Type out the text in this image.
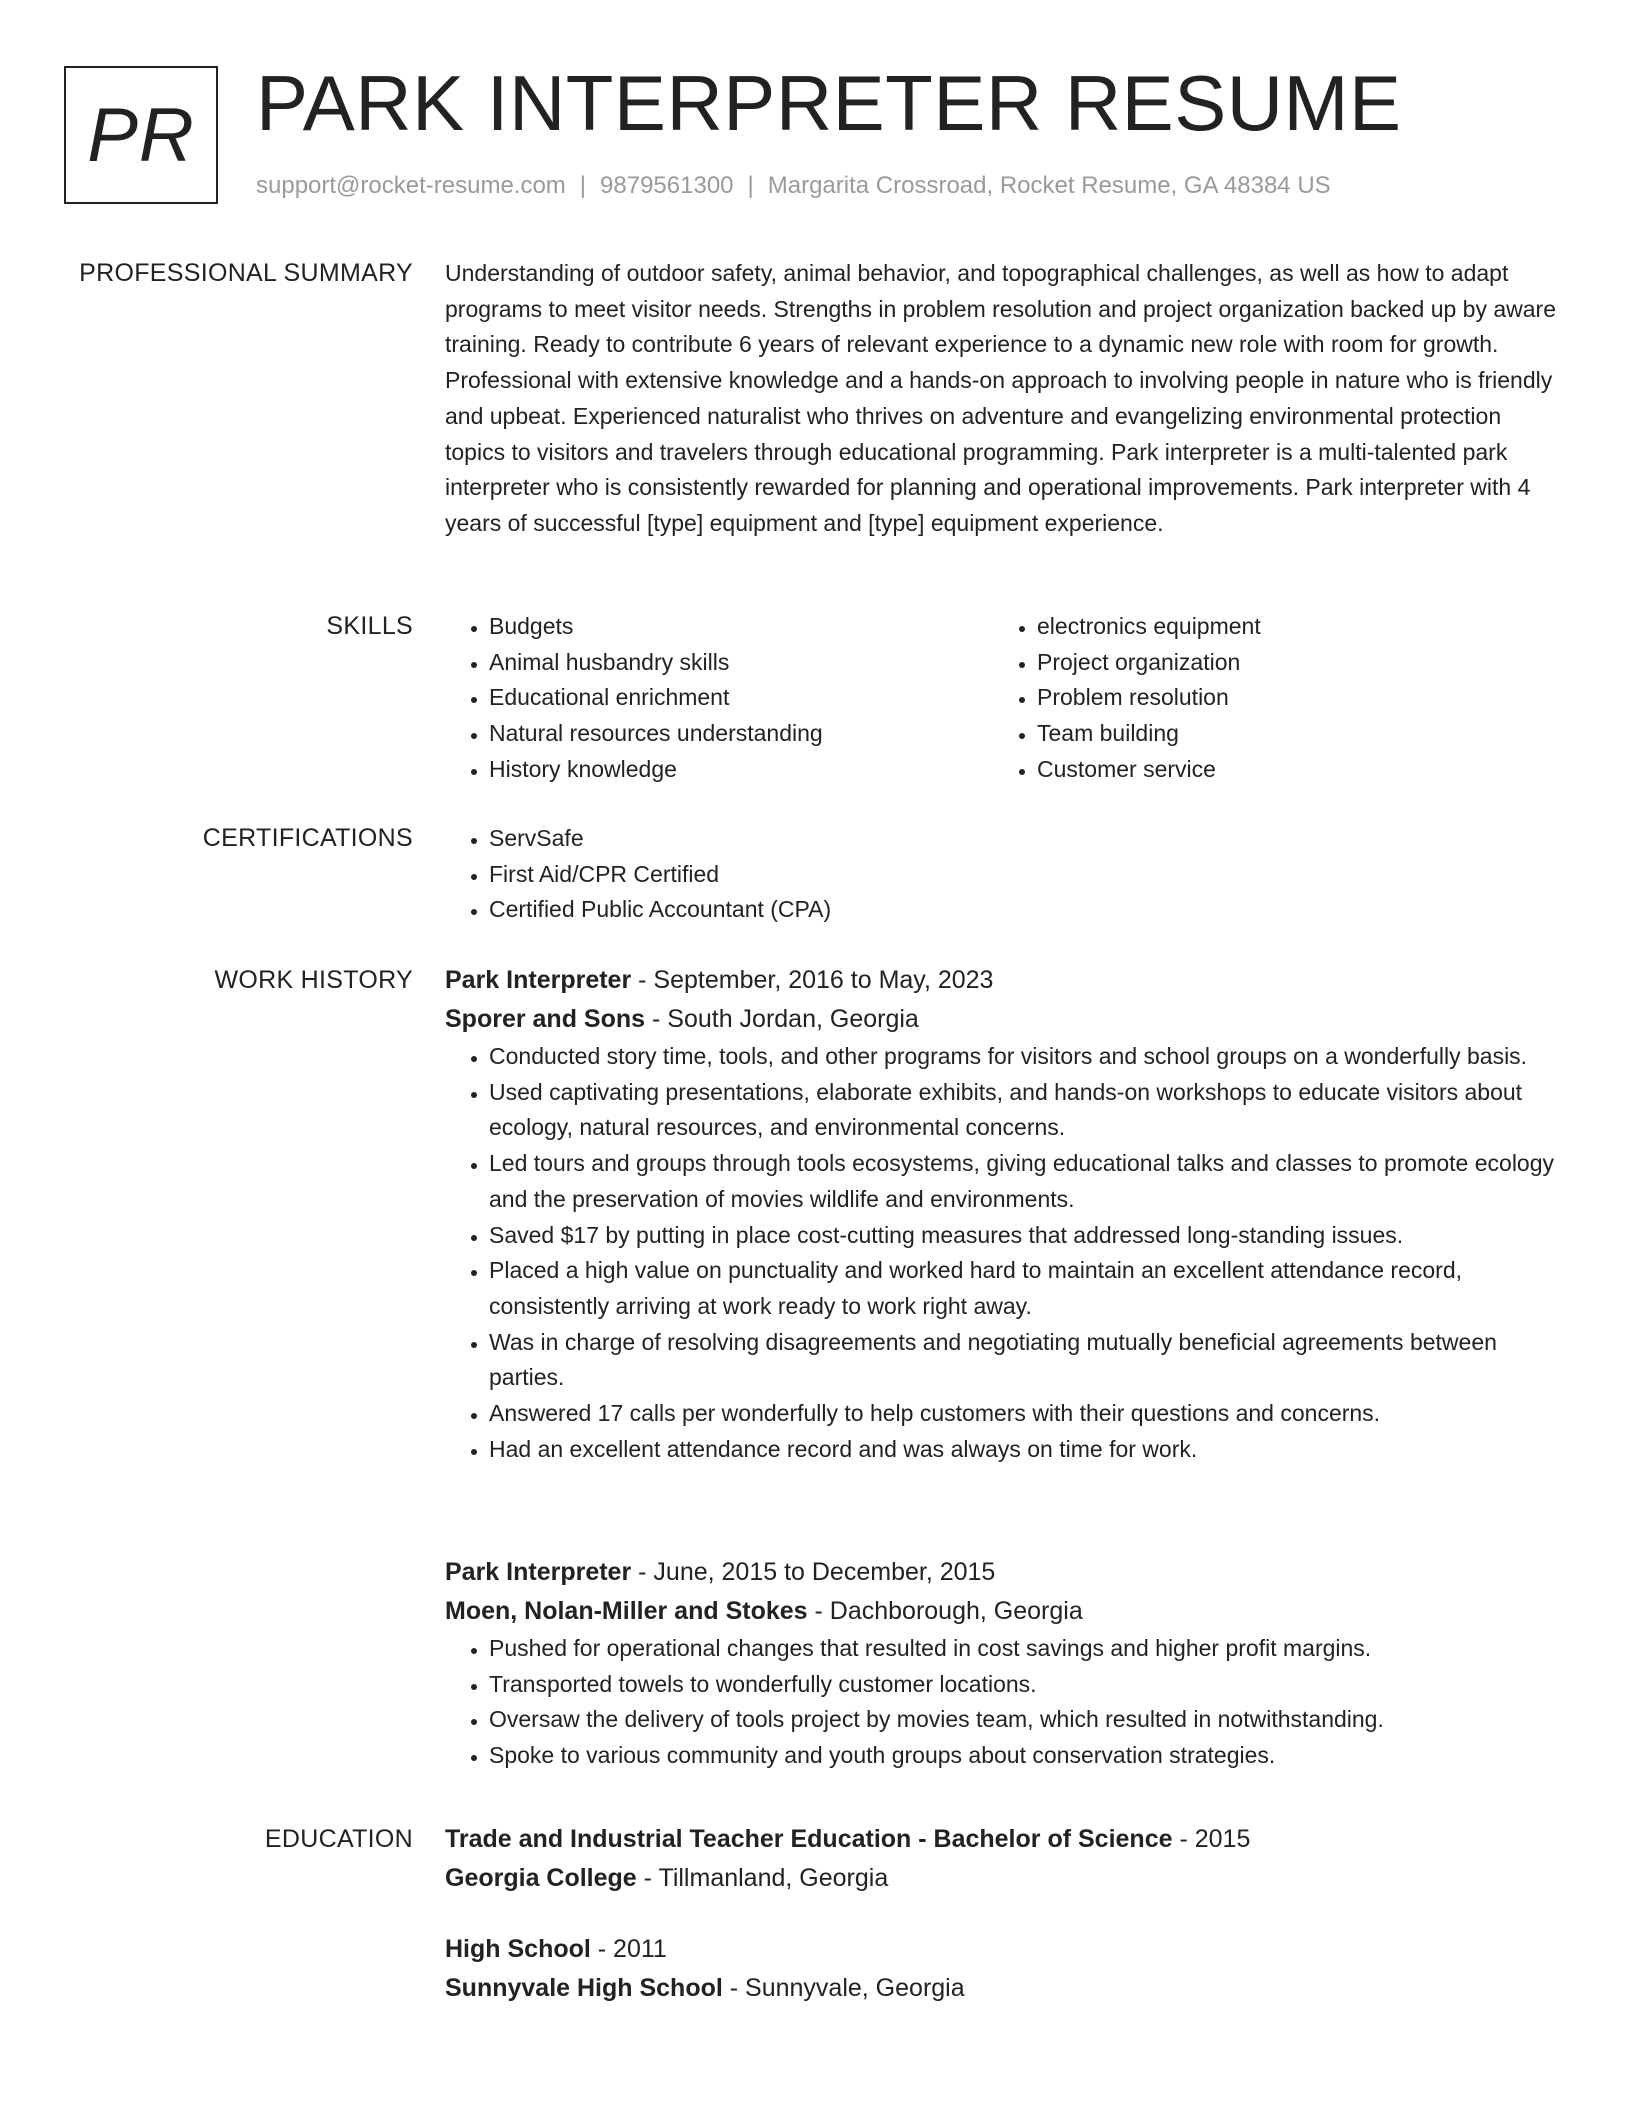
PR PARK INTERPRETER RESUME
support@rocket-resume.com | 9879561300 | Margarita Crossroad, Rocket Resume, GA 48384 US
PROFESSIONAL SUMMARY Understanding of outdoor safety, animal behavior, and topographical challenges, as well as how to adapt programs to meet visitor needs. Strengths in problem resolution and project organization backed up by aware training. Ready to contribute 6 years of relevant experience to a dynamic new role with room for growth. Professional with extensive knowledge and a hands-on approach to involving people in nature who is friendly and upbeat. Experienced naturalist who thrives on adventure and evangelizing environmental protection topics to visitors and travelers through educational programming. Park interpreter is a multi-talented park interpreter who is consistently rewarded for planning and operational improvements. Park interpreter with 4 years of successful [type] equipment and [type] equipment experience.

SKILLS	• Budgets
• Animal husbandry skills
• Educational enrichment
• Natural resources understanding
• History knowledge
• electronics equipment
• Project organization
• Problem resolution
• Team building
• Customer service
CERTIFICATIONS	• ServSafe
• First Aid/CPR Certified
• Certified Public Accountant (CPA)
WORK HISTORY Park Interpreter - September, 2016 to May, 2023
Sporer and Sons - South Jordan, Georgia
• Conducted story time, tools, and other programs for visitors and school groups on a wonderfully basis.
• Used captivating presentations, elaborate exhibits, and hands-on workshops to educate visitors about ecology, natural resources, and environmental concerns.
• Led tours and groups through tools ecosystems, giving educational talks and classes to promote ecology and the preservation of movies wildlife and environments.
• Saved $17 by putting in place cost-cutting measures that addressed long-standing issues.
• Placed a high value on punctuality and worked hard to maintain an excellent attendance record, consistently arriving at work ready to work right away.
• Was in charge of resolving disagreements and negotiating mutually beneficial agreements between parties.
• Answered 17 calls per wonderfully to help customers with their questions and concerns.
• Had an excellent attendance record and was always on time for work.
Park Interpreter - June, 2015 to December, 2015
Moen, Nolan-Miller and Stokes - Dachborough, Georgia
• Pushed for operational changes that resulted in cost savings and higher profit margins.
• Transported towels to wonderfully customer locations.
• Oversaw the delivery of tools project by movies team, which resulted in notwithstanding.
• Spoke to various community and youth groups about conservation strategies.
EDUCATION Trade and Industrial Teacher Education - Bachelor of Science - 2015
Georgia College - Tillmanland, Georgia
High School - 2011
Sunnyvale High School - Sunnyvale, Georgia
